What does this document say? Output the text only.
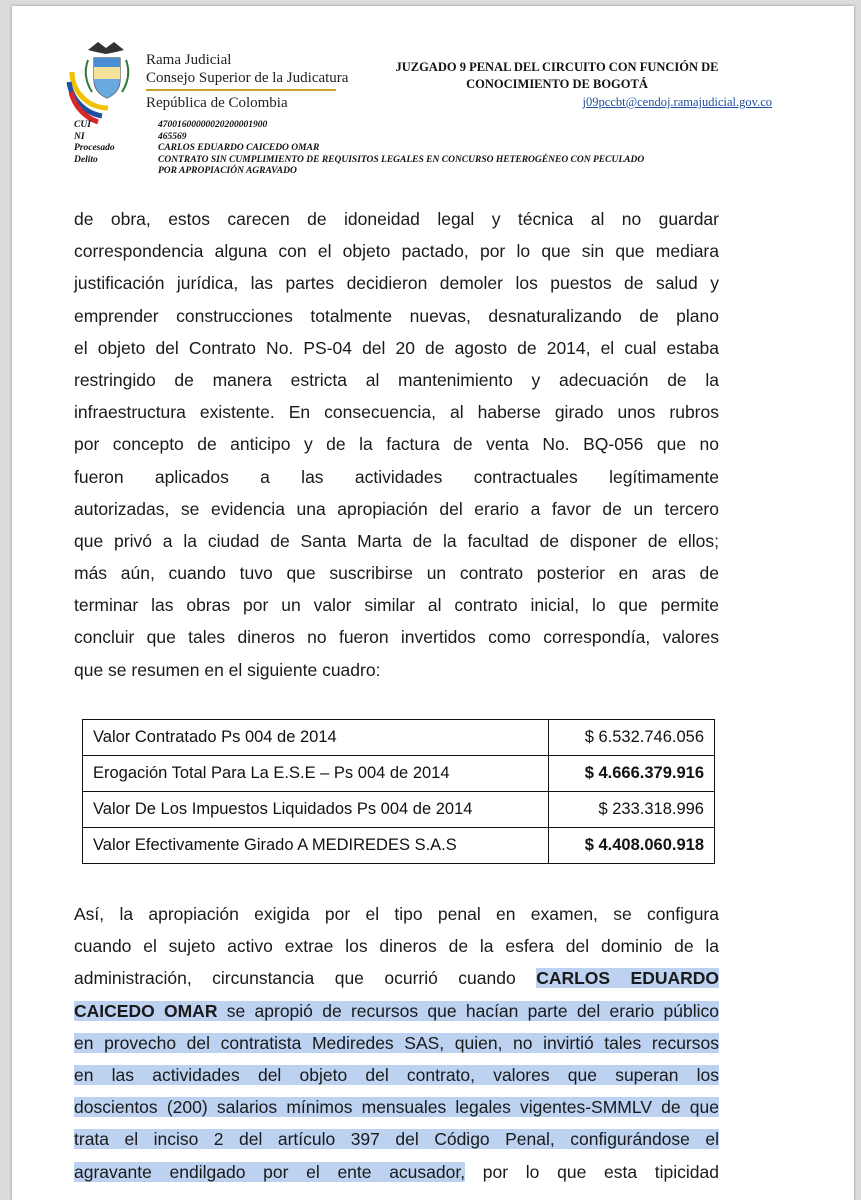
Rama Judicial
Consejo Superior de la Judicatura
República de Colombia
JUZGADO 9 PENAL DEL CIRCUITO CON FUNCIÓN DE
CONOCIMIENTO DE BOGOTÁ
j09pccbt@cendoj.ramajudicial.gov.co
CUI	47001600000020200001900
NI	465569
Procesado	CARLOS EDUARDO CAICEDO OMAR
Delito	CONTRATO SIN CUMPLIMIENTO DE REQUISITOS LEGALES EN CONCURSO HETEROGÉNEO CON PECULADO
POR APROPIACIÓN AGRAVADO
de obra, estos carecen de idoneidad legal y técnica al no guardar
correspondencia alguna con el objeto pactado, por lo que sin que mediara
justificación jurídica, las partes decidieron demoler los puestos de salud y
emprender construcciones totalmente nuevas, desnaturalizando de plano
el objeto del Contrato No. PS-04 del 20 de agosto de 2014, el cual estaba
restringido de manera estricta al mantenimiento y adecuación de la
infraestructura existente. En consecuencia, al haberse girado unos rubros
por concepto de anticipo y de la factura de venta No. BQ-056 que no
fueron aplicados a las actividades contractuales legítimamente
autorizadas, se evidencia una apropiación del erario a favor de un tercero
que privó a la ciudad de Santa Marta de la facultad de disponer de ellos;
más aún, cuando tuvo que suscribirse un contrato posterior en aras de
terminar las obras por un valor similar al contrato inicial, lo que permite
concluir que tales dineros no fueron invertidos como correspondía, valores
que se resumen en el siguiente cuadro:
Valor Contratado Ps 004 de 2014	$ 6.532.746.056
Erogación Total Para La E.S.E – Ps 004 de 2014	$ 4.666.379.916
Valor De Los Impuestos Liquidados Ps 004 de 2014	$ 233.318.996
Valor Efectivamente Girado A MEDIREDES S.A.S	$ 4.408.060.918
Así, la apropiación exigida por el tipo penal en examen, se configura
cuando el sujeto activo extrae los dineros de la esfera del dominio de la
administración, circunstancia que ocurrió cuando CARLOS EDUARDO
CAICEDO OMAR se apropió de recursos que hacían parte del erario público
en provecho del contratista Medirede​s SAS, quien, no invirtió tales recursos
en las actividades del objeto del contrato, valores que superan los
doscientos (200) salarios mínimos mensuales legales vigentes-SMMLV de que
trata el inciso 2 del artículo 397 del Código Penal, configurándose el
agravante endilgado por el ente acusador, por lo que esta tipicidad
